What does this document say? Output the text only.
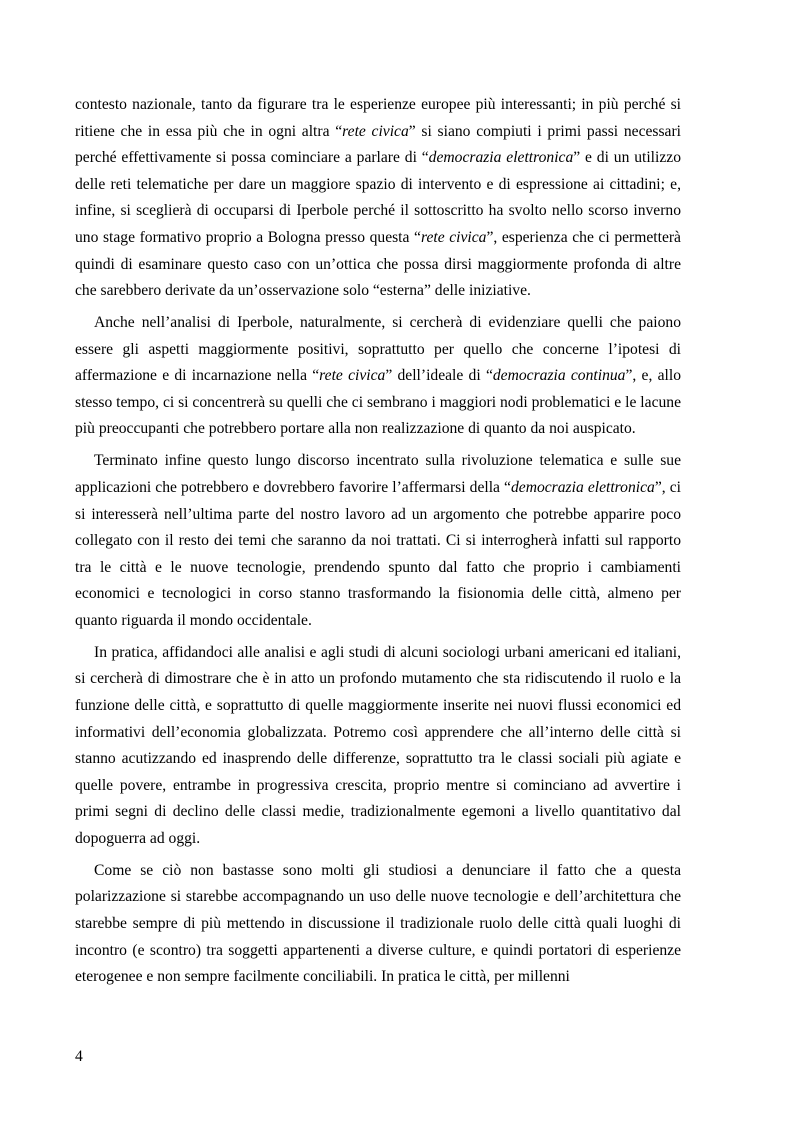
contesto nazionale, tanto da figurare tra le esperienze europee più interessanti; in più perché si ritiene che in essa più che in ogni altra “rete civica” si siano compiuti i primi passi necessari perché effettivamente si possa cominciare a parlare di “democrazia elettronica” e di un utilizzo delle reti telematiche per dare un maggiore spazio di intervento e di espressione ai cittadini; e, infine, si sceglierà di occuparsi di Iperbole perché il sottoscritto ha svolto nello scorso inverno uno stage formativo proprio a Bologna presso questa “rete civica”, esperienza che ci permetterà quindi di esaminare questo caso con un’ottica che possa dirsi maggiormente profonda di altre che sarebbero derivate da un’osservazione solo “esterna” delle iniziative.

Anche nell’analisi di Iperbole, naturalmente, si cercherà di evidenziare quelli che paiono essere gli aspetti maggiormente positivi, soprattutto per quello che concerne l’ipotesi di affermazione e di incarnazione nella “rete civica” dell’ideale di “democrazia continua”, e, allo stesso tempo, ci si concentrerà su quelli che ci sembrano i maggiori nodi problematici e le lacune più preoccupanti che potrebbero portare alla non realizzazione di quanto da noi auspicato.

Terminato infine questo lungo discorso incentrato sulla rivoluzione telematica e sulle sue applicazioni che potrebbero e dovrebbero favorire l’affermarsi della “democrazia elettronica”, ci si interesserà nell’ultima parte del nostro lavoro ad un argomento che potrebbe apparire poco collegato con il resto dei temi che saranno da noi trattati. Ci si interrogherà infatti sul rapporto tra le città e le nuove tecnologie, prendendo spunto dal fatto che proprio i cambiamenti economici e tecnologici in corso stanno trasformando la fisionomia delle città, almeno per quanto riguarda il mondo occidentale.

In pratica, affidandoci alle analisi e agli studi di alcuni sociologi urbani americani ed italiani, si cercherà di dimostrare che è in atto un profondo mutamento che sta ridiscutendo il ruolo e la funzione delle città, e soprattutto di quelle maggiormente inserite nei nuovi flussi economici ed informativi dell’economia globalizzata. Potremo così apprendere che all’interno delle città si stanno acutizzando ed inasprendo delle differenze, soprattutto tra le classi sociali più agiate e quelle povere, entrambe in progressiva crescita, proprio mentre si cominciano ad avvertire i primi segni di declino delle classi medie, tradizionalmente egemoni a livello quantitativo dal dopoguerra ad oggi.

Come se ciò non bastasse sono molti gli studiosi a denunciare il fatto che a questa polarizzazione si starebbe accompagnando un uso delle nuove tecnologie e dell’architettura che starebbe sempre di più mettendo in discussione il tradizionale ruolo delle città quali luoghi di incontro (e scontro) tra soggetti appartenenti a diverse culture, e quindi portatori di esperienze eterogenee e non sempre facilmente conciliabili. In pratica le città, per millenni

4
